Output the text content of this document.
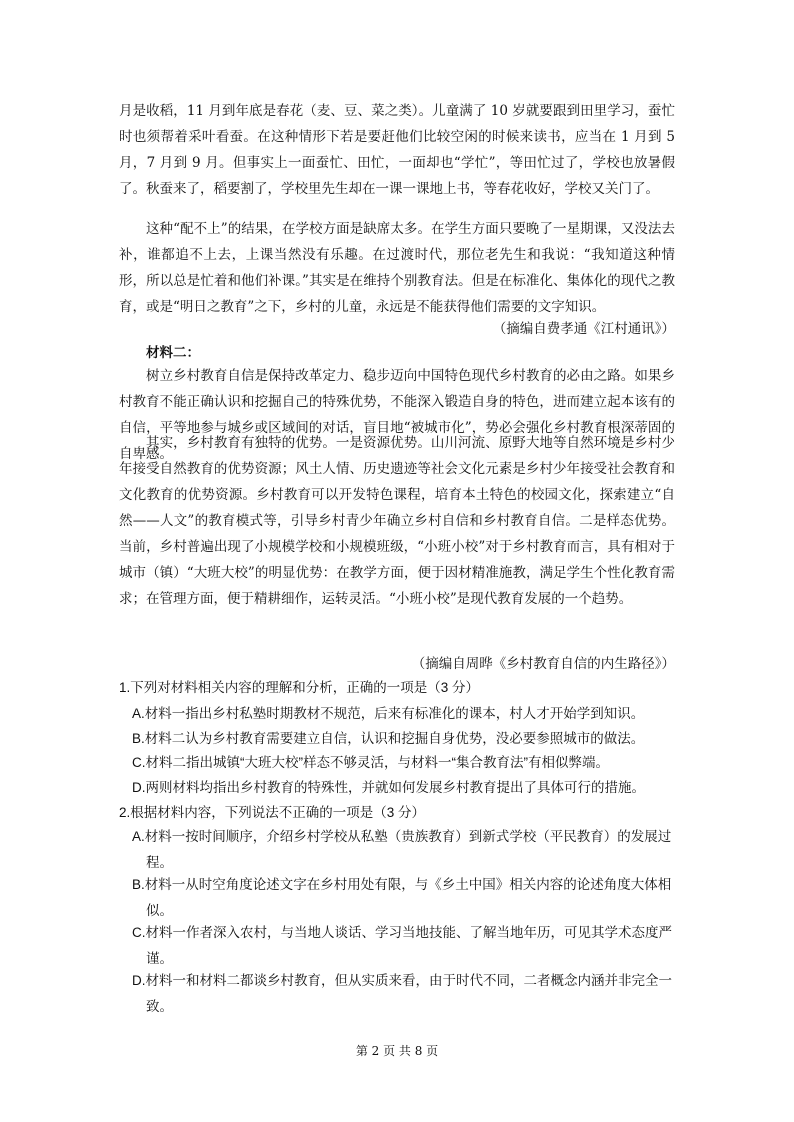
月是收稻，11 月到年底是春花（麦、豆、菜之类）。儿童满了 10 岁就要跟到田里学习，蚕忙时也须帮着采叶看蚕。在这种情形下若是要赶他们比较空闲的时候来读书，应当在 1 月到 5 月，7 月到 9 月。但事实上一面蚕忙、田忙，一面却也“学忙”，等田忙过了，学校也放暑假了。秋蚕来了，稻要割了，学校里先生却在一课一课地上书，等春花收好，学校又关门了。

这种“配不上”的结果，在学校方面是缺席太多。在学生方面只要晚了一星期课，又没法去补，谁都追不上去，上课当然没有乐趣。在过渡时代，那位老先生和我说：“我知道这种情形，所以总是忙着和他们补课。”其实是在维持个别教育法。但是在标准化、集体化的现代之教育，或是“明日之教育”之下，乡村的儿童，永远是不能获得他们需要的文字知识。

（摘编自费孝通《江村通讯》）

材料二：

树立乡村教育自信是保持改革定力、稳步迈向中国特色现代乡村教育的必由之路。如果乡村教育不能正确认识和挖掘自己的特殊优势，不能深入锻造自身的特色，进而建立起本该有的自信，平等地参与城乡或区域间的对话，盲目地“被城市化”，势必会强化乡村教育根深蒂固的自卑感。

其实，乡村教育有独特的优势。一是资源优势。山川河流、原野大地等自然环境是乡村少年接受自然教育的优势资源；风土人情、历史遗迹等社会文化元素是乡村少年接受社会教育和文化教育的优势资源。乡村教育可以开发特色课程，培育本土特色的校园文化，探索建立“自然——人文”的教育模式等，引导乡村青少年确立乡村自信和乡村教育自信。二是样态优势。当前，乡村普遍出现了小规模学校和小规模班级，“小班小校”对于乡村教育而言，具有相对于城市（镇）“大班大校”的明显优势：在教学方面，便于因材精准施教，满足学生个性化教育需求；在管理方面，便于精耕细作，运转灵活。“小班小校”是现代教育发展的一个趋势。

（摘编自周晔《乡村教育自信的内生路径》）

1.下列对材料相关内容的理解和分析，正确的一项是（3 分）

A.材料一指出乡村私塾时期教材不规范，后来有标准化的课本，村人才开始学到知识。

B.材料二认为乡村教育需要建立自信，认识和挖掘自身优势，没必要参照城市的做法。

C.材料二指出城镇“大班大校”样态不够灵活，与材料一“集合教育法”有相似弊端。

D.两则材料均指出乡村教育的特殊性，并就如何发展乡村教育提出了具体可行的措施。

2.根据材料内容，下列说法不正确的一项是（3 分）

A.材料一按时间顺序，介绍乡村学校从私塾（贵族教育）到新式学校（平民教育）的发展过程。

B.材料一从时空角度论述文字在乡村用处有限，与《乡土中国》相关内容的论述角度大体相似。

C.材料一作者深入农村，与当地人谈话、学习当地技能、了解当地年历，可见其学术态度严谨。

D.材料一和材料二都谈乡村教育，但从实质来看，由于时代不同，二者概念内涵并非完全一致。

第 2 页 共 8 页
